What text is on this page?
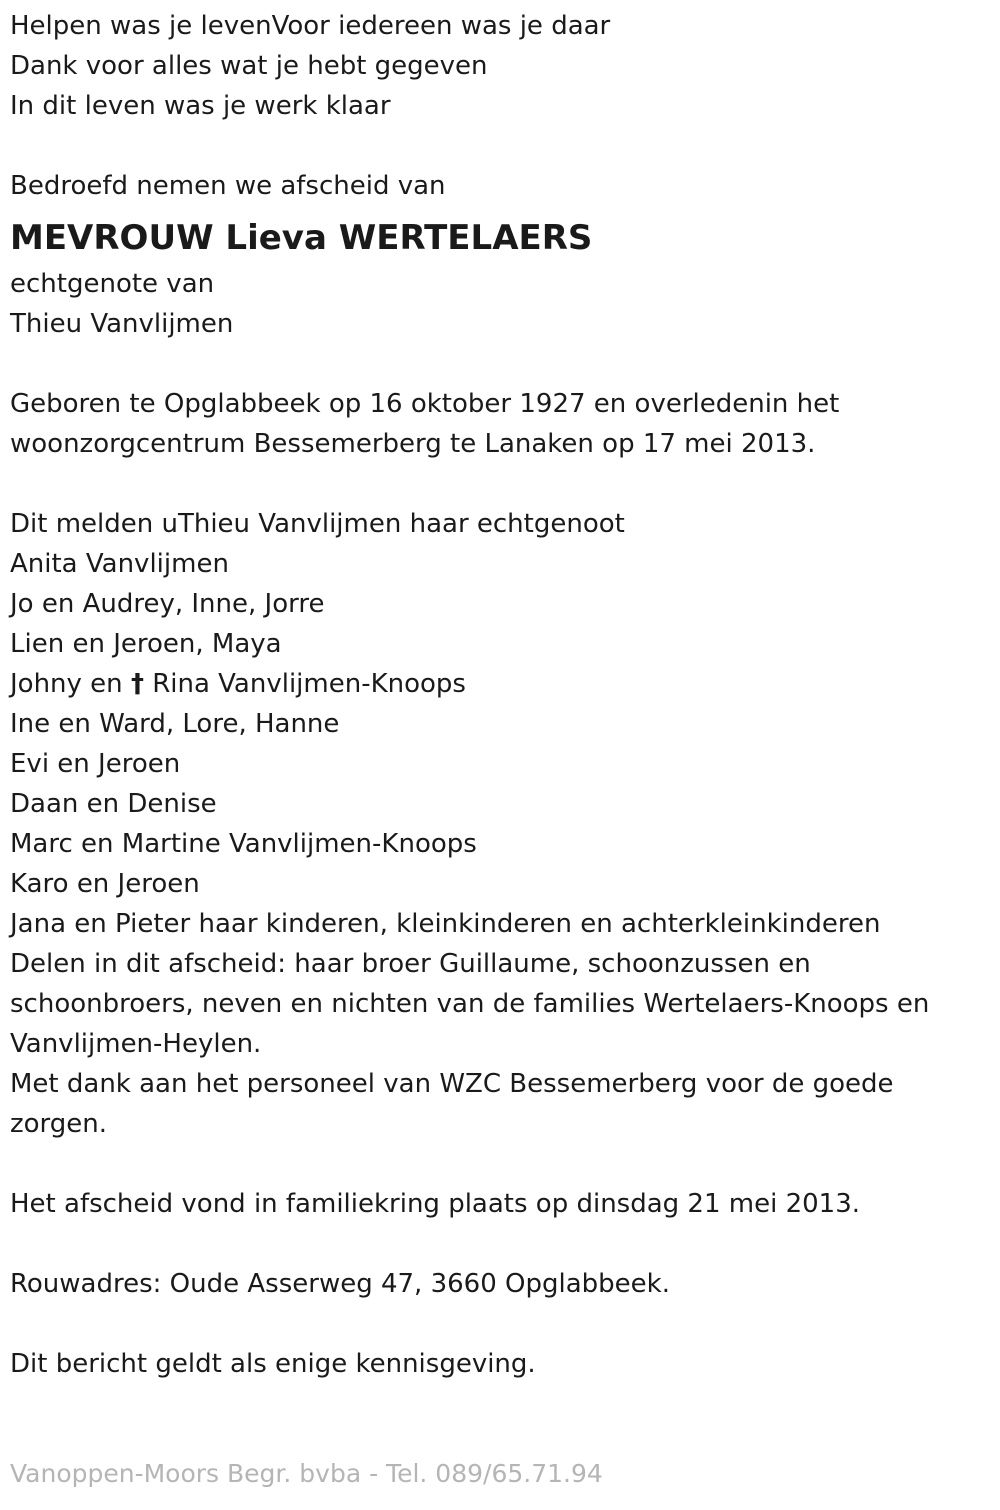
Helpen was je levenVoor iedereen was je daar
Dank voor alles wat je hebt gegeven
In dit leven was je werk klaar
Bedroefd nemen we afscheid van
MEVROUW Lieva WERTELAERS
echtgenote van
Thieu Vanvlijmen
Geboren te Opglabbeek op 16 oktober 1927 en overledenin het
woonzorgcentrum Bessemerberg te Lanaken op 17 mei 2013.
Dit melden uThieu Vanvlijmen haar echtgenoot
Anita Vanvlijmen
Jo en Audrey, Inne, Jorre
Lien en Jeroen, Maya
Johny en † Rina Vanvlijmen-Knoops
Ine en Ward, Lore, Hanne
Evi en Jeroen
Daan en Denise
Marc en Martine Vanvlijmen-Knoops
Karo en Jeroen
Jana en Pieter haar kinderen, kleinkinderen en achterkleinkinderen
Delen in dit afscheid: haar broer Guillaume, schoonzussen en
schoonbroers, neven en nichten van de families Wertelaers-Knoops en
Vanvlijmen-Heylen.
Met dank aan het personeel van WZC Bessemerberg voor de goede
zorgen.
Het afscheid vond in familiekring plaats op dinsdag 21 mei 2013.
Rouwadres: Oude Asserweg 47, 3660 Opglabbeek.
Dit bericht geldt als enige kennisgeving.
Vanoppen-Moors Begr. bvba - Tel. 089/65.71.94
